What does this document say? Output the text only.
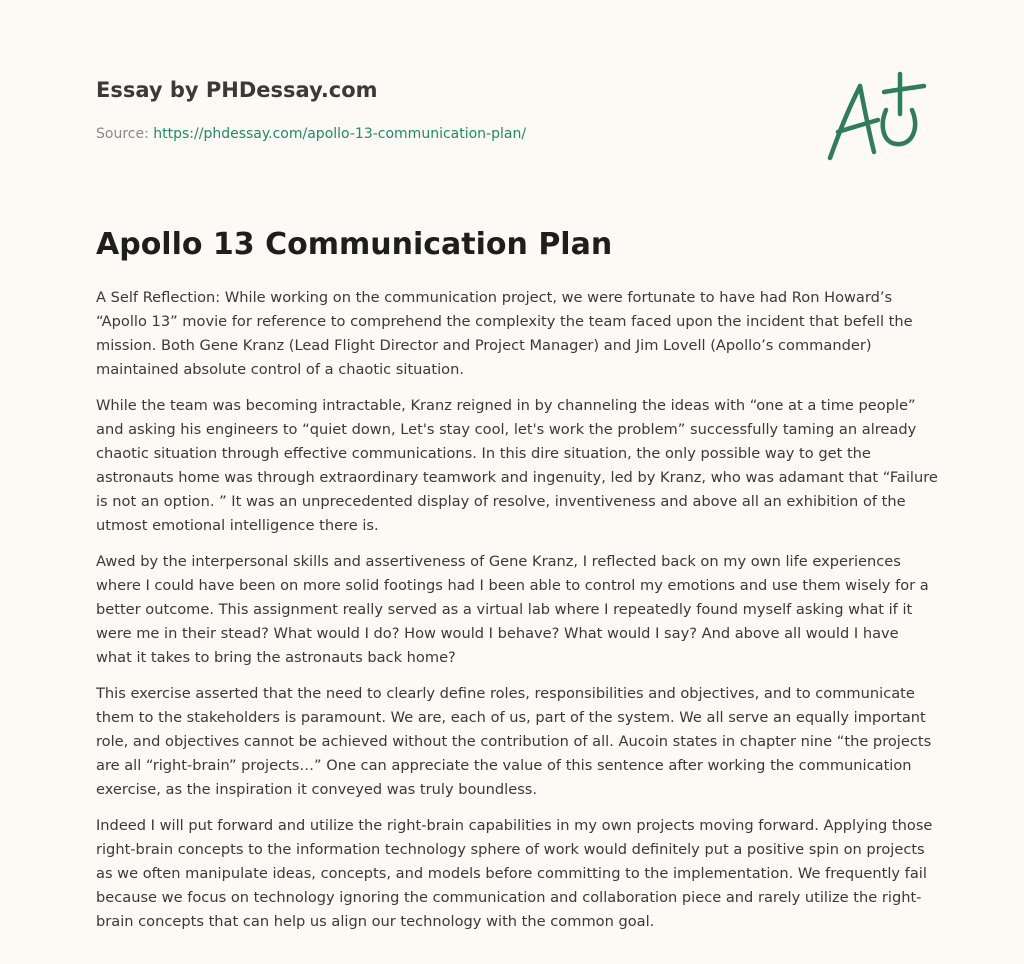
Essay by PHDessay.com

Source: https://phdessay.com/apollo-13-communication-plan/
Apollo 13 Communication Plan

A Self Reflection: While working on the communication project, we were fortunate to have had Ron Howard’s “Apollo 13” movie for reference to comprehend the complexity the team faced upon the incident that befell the mission. Both Gene Kranz (Lead Flight Director and Project Manager) and Jim Lovell (Apollo’s commander) maintained absolute control of a chaotic situation.

While the team was becoming intractable, Kranz reigned in by channeling the ideas with “one at a time people” and asking his engineers to “quiet down, Let's stay cool, let's work the problem” successfully taming an already chaotic situation through effective communications. In this dire situation, the only possible way to get the astronauts home was through extraordinary teamwork and ingenuity, led by Kranz, who was adamant that “Failure is not an option. ” It was an unprecedented display of resolve, inventiveness and above all an exhibition of the utmost emotional intelligence there is.

Awed by the interpersonal skills and assertiveness of Gene Kranz, I reflected back on my own life experiences where I could have been on more solid footings had I been able to control my emotions and use them wisely for a better outcome. This assignment really served as a virtual lab where I repeatedly found myself asking what if it were me in their stead? What would I do? How would I behave? What would I say? And above all would I have what it takes to bring the astronauts back home?

This exercise asserted that the need to clearly define roles, responsibilities and objectives, and to communicate them to the stakeholders is paramount. We are, each of us, part of the system. We all serve an equally important role, and objectives cannot be achieved without the contribution of all. Aucoin states in chapter nine “the projects are all “right-brain” projects…” One can appreciate the value of this sentence after working the communication exercise, as the inspiration it conveyed was truly boundless.

Indeed I will put forward and utilize the right-brain capabilities in my own projects moving forward. Applying those right-brain concepts to the information technology sphere of work would definitely put a positive spin on projects as we often manipulate ideas, concepts, and models before committing to the implementation. We frequently fail because we focus on technology ignoring the communication and collaboration piece and rarely utilize the right-brain concepts that can help us align our technology with the common goal.
